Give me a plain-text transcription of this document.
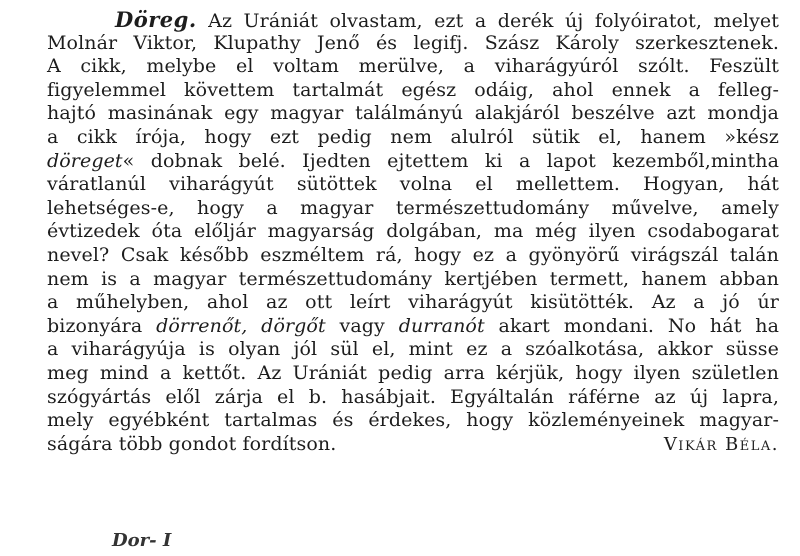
Döreg. Az Urániát olvastam, ezt a derék új folyóiratot, melyet
Molnár Viktor, Klupathy Jenő és legifj. Szász Károly szerkesztenek.
A cikk, melybe el voltam merülve, a viharágyúról szólt. Feszült
figyelemmel követtem tartalmát egész odáig, ahol ennek a felleg-
hajtó masinának egy magyar találmányú alakjáról beszélve azt mondja
a cikk írója, hogy ezt pedig nem alulról sütik el, hanem »kész
döreget« dobnak belé. Ijedten ejtettem ki a lapot kezemből,mintha
váratlanúl viharágyút sütöttek volna el mellettem. Hogyan, hát
lehetséges-e, hogy a magyar természettudomány művelve, amely
évtizedek óta előljár magyarság dolgában, ma még ilyen csodabogarat
nevel? Csak később eszméltem rá, hogy ez a gyönyörű virágszál talán
nem is a magyar természettudomány kertjében termett, hanem abban
a műhelyben, ahol az ott leírt viharágyút kisütötték. Az a jó úr
bizonyára dörrenőt, dörgőt vagy durranót akart mondani. No hát ha
a viharágyúja is olyan jól sül el, mint ez a szóalkotása, akkor süsse
meg mind a kettőt. Az Urániát pedig arra kérjük, hogy ilyen születlen
szógyártás elől zárja el b. hasábjait. Egyáltalán ráférne az új lapra,
mely egyébként tartalmas és érdekes, hogy közleményeinek magyar-
ságára több gondot fordítson.	Vikár Béla.
Dor- I
